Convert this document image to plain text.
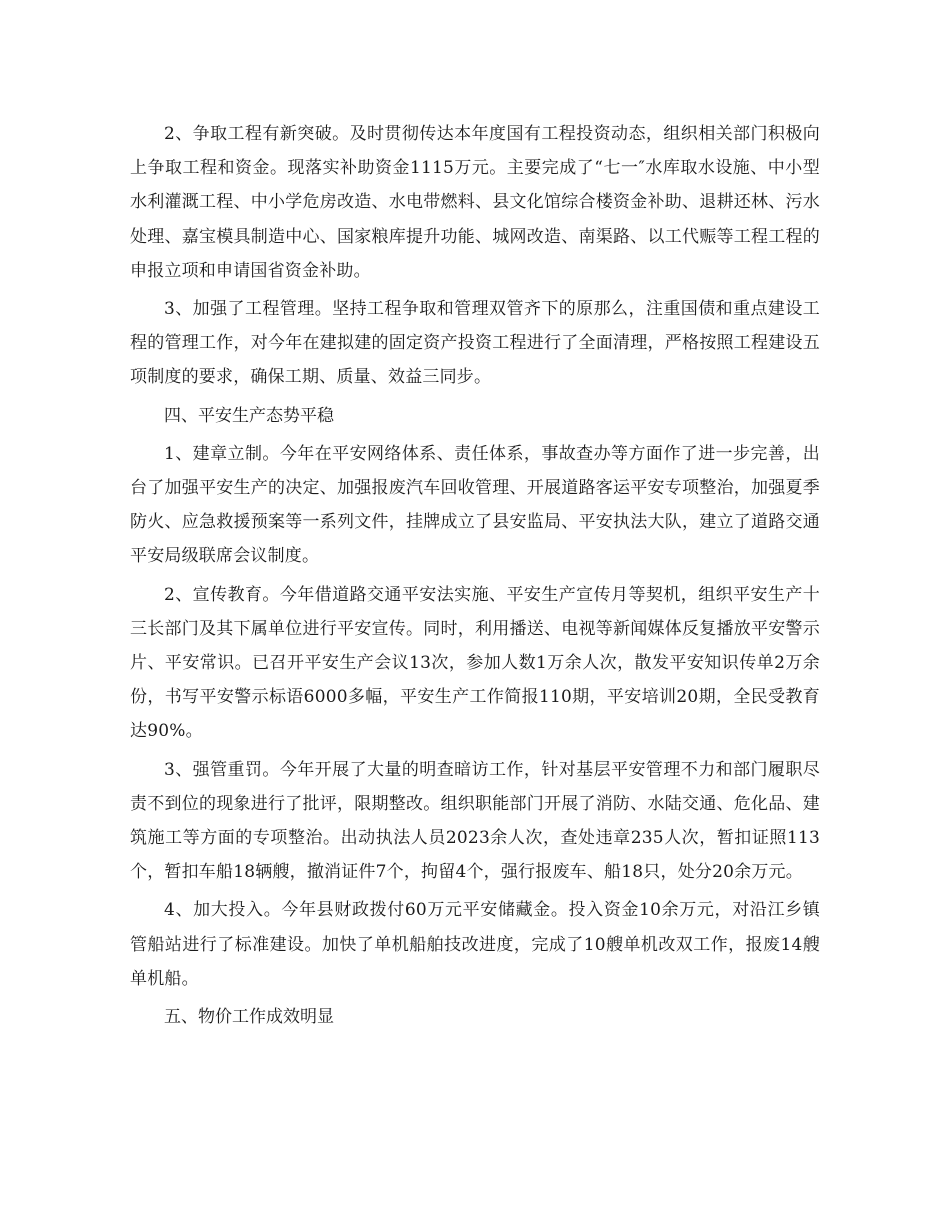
2、争取工程有新突破。及时贯彻传达本年度国有工程投资动态，组织相关部门积极向上争取工程和资金。现落实补助资金1115万元。主要完成了“七一″水库取水设施、中小型水利灌溉工程、中小学危房改造、水电带燃料、县文化馆综合楼资金补助、退耕还林、污水处理、嘉宝模具制造中心、国家粮库提升功能、城网改造、南渠路、以工代赈等工程工程的申报立项和申请国省资金补助。

3、加强了工程管理。坚持工程争取和管理双管齐下的原那么，注重国债和重点建设工程的管理工作，对今年在建拟建的固定资产投资工程进行了全面清理，严格按照工程建设五项制度的要求，确保工期、质量、效益三同步。

四、平安生产态势平稳

1、建章立制。今年在平安网络体系、责任体系，事故查办等方面作了进一步完善，出台了加强平安生产的决定、加强报废汽车回收管理、开展道路客运平安专项整治，加强夏季防火、应急救援预案等一系列文件，挂牌成立了县安监局、平安执法大队，建立了道路交通平安局级联席会议制度。

2、宣传教育。今年借道路交通平安法实施、平安生产宣传月等契机，组织平安生产十三长部门及其下属单位进行平安宣传。同时，利用播送、电视等新闻媒体反复播放平安警示片、平安常识。已召开平安生产会议13次，参加人数1万余人次，散发平安知识传单2万余份，书写平安警示标语6000多幅，平安生产工作简报110期，平安培训20期，全民受教育达90%。

3、强管重罚。今年开展了大量的明查暗访工作，针对基层平安管理不力和部门履职尽责不到位的现象进行了批评，限期整改。组织职能部门开展了消防、水陆交通、危化品、建筑施工等方面的专项整治。出动执法人员2023余人次，查处违章235人次，暂扣证照113个，暂扣车船18辆艘，撤消证件7个，拘留4个，强行报废车、船18只，处分20余万元。

4、加大投入。今年县财政拨付60万元平安储藏金。投入资金10余万元，对沿江乡镇管船站进行了标准建设。加快了单机船舶技改进度，完成了10艘单机改双工作，报废14艘单机船。

五、物价工作成效明显
